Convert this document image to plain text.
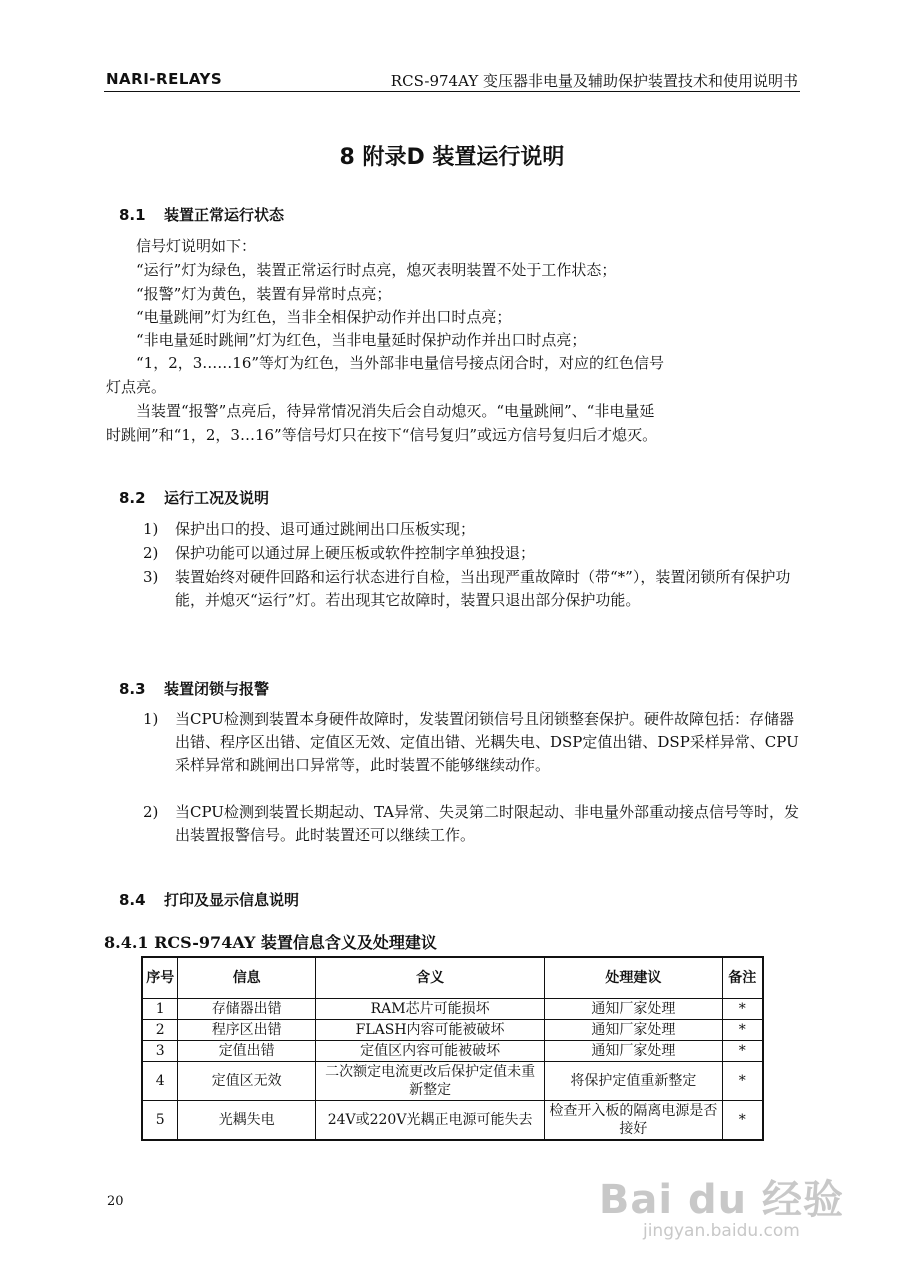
NARI-RELAYS	RCS-974AY 变压器非电量及辅助保护装置技术和使用说明书
8 附录D 装置运行说明
8.1 装置正常运行状态
　　信号灯说明如下：
　　“运行”灯为绿色，装置正常运行时点亮，熄灭表明装置不处于工作状态；
　　“报警”灯为黄色，装置有异常时点亮；
　　“电量跳闸”灯为红色，当非全相保护动作并出口时点亮；
　　“非电量延时跳闸”灯为红色，当非电量延时保护动作并出口时点亮；
　　“1，2，3……16”等灯为红色，当外部非电量信号接点闭合时，对应的红色信号
灯点亮。
　　当装置“报警”点亮后，待异常情况消失后会自动熄灭。“电量跳闸”、“非电量延
时跳闸”和“1，2，3…16”等信号灯只在按下“信号复归”或远方信号复归后才熄灭。
8.2 运行工况及说明
1) 保护出口的投、退可通过跳闸出口压板实现；
2) 保护功能可以通过屏上硬压板或软件控制字单独投退；
3) 装置始终对硬件回路和运行状态进行自检，当出现严重故障时（带“*”），装置闭锁所有保护功能，并熄灭“运行”灯。若出现其它故障时，装置只退出部分保护功能。
8.3 装置闭锁与报警
1) 当CPU检测到装置本身硬件故障时，发装置闭锁信号且闭锁整套保护。硬件故障包括：存储器出错、程序区出错、定值区无效、定值出错、光耦失电、DSP定值出错、DSP采样异常、CPU采样异常和跳闸出口异常等，此时装置不能够继续动作。
2) 当CPU检测到装置长期起动、TA异常、失灵第二时限起动、非电量外部重动接点信号等时，发出装置报警信号。此时装置还可以继续工作。
8.4 打印及显示信息说明
8.4.1 RCS-974AY 装置信息含义及处理建议
序号	信息	含义	处理建议	备注
1	存储器出错	RAM芯片可能损坏	通知厂家处理	*
2	程序区出错	FLASH内容可能被破坏	通知厂家处理	*
3	定值出错	定值区内容可能被破坏	通知厂家处理	*
4	定值区无效	二次额定电流更改后保护定值未重新整定	将保护定值重新整定	*
5	光耦失电	24V或220V光耦正电源可能失去	检查开入板的隔离电源是否接好	*
20	Bai du 经验
jingyan.baidu.com
